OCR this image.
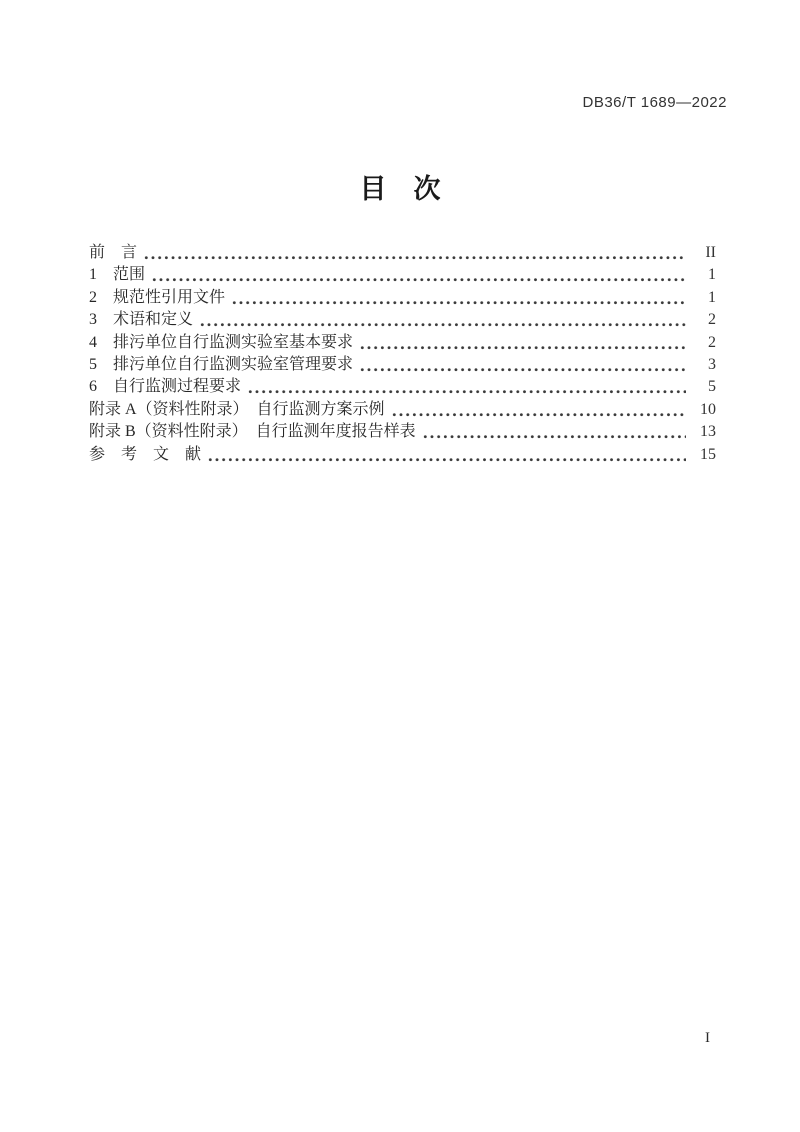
DB36/T 1689—2022
目　次
前　言	II
1　范围	1
2　规范性引用文件	1
3　术语和定义	2
4　排污单位自行监测实验室基本要求	2
5　排污单位自行监测实验室管理要求	3
6　自行监测过程要求	5
附录 A（资料性附录）　自行监测方案示例	10
附录 B（资料性附录）　自行监测年度报告样表	13
参　考　文　献	15
I
